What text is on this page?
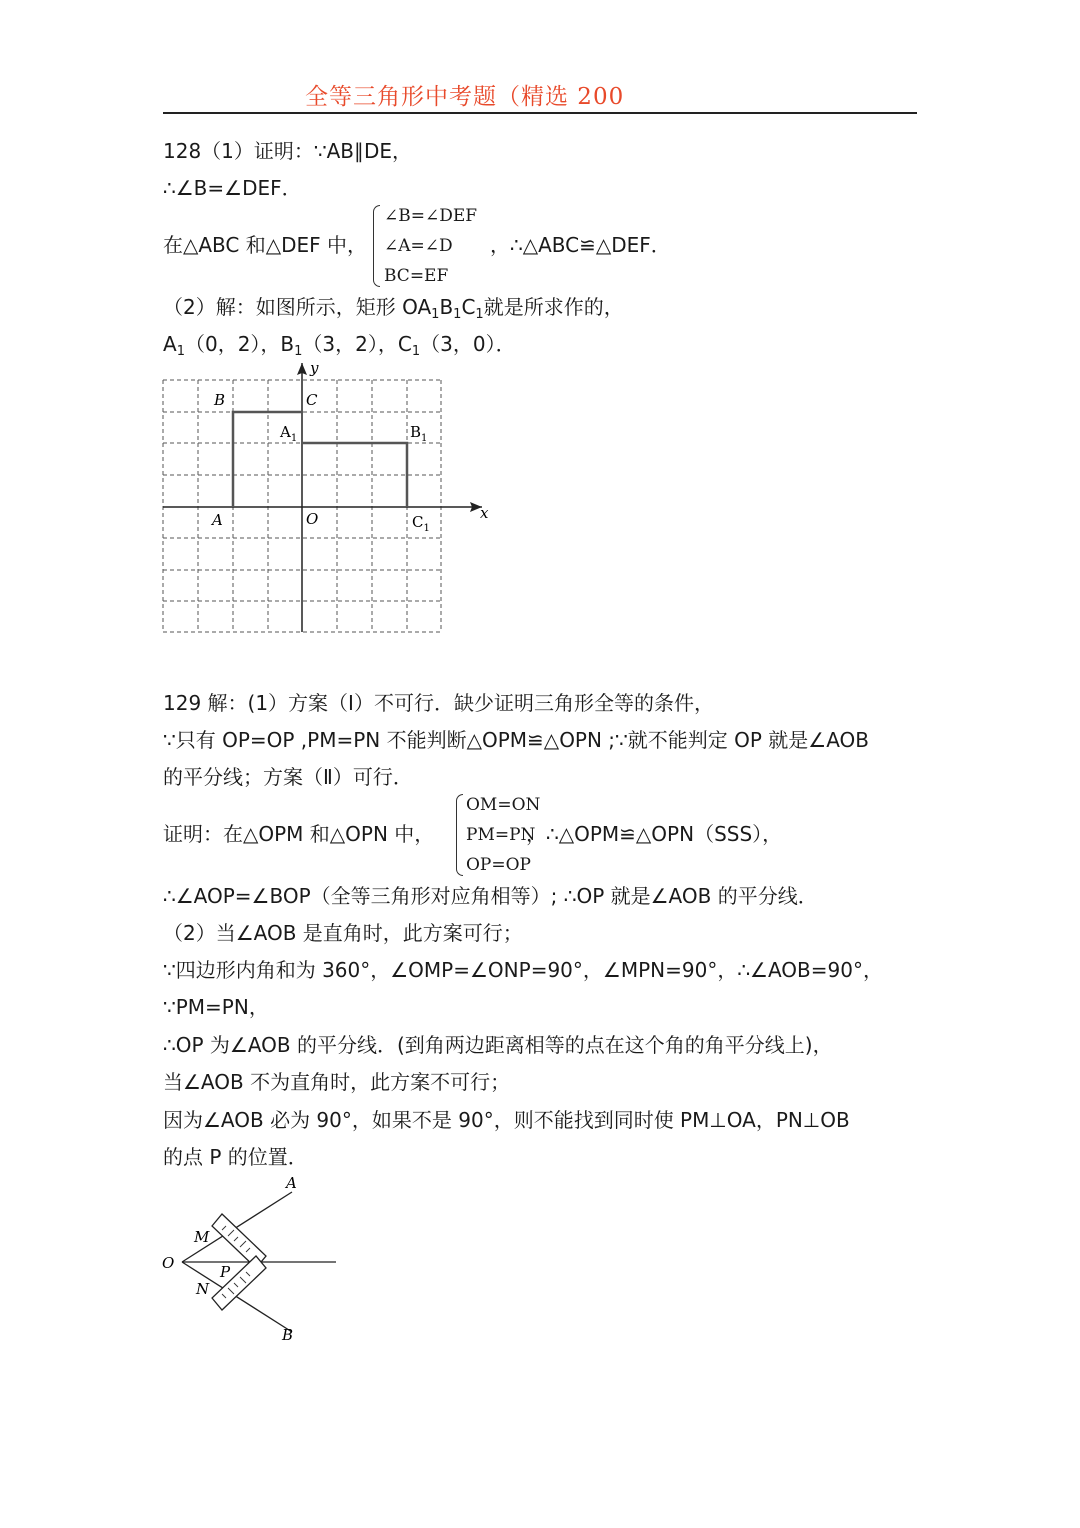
全等三角形中考题（精选 200
128（1）证明：∵AB∥DE，
∴∠B=∠DEF．
在△ABC 和△DEF 中，
∠B=∠DEF
∠A=∠D
BC=EF
，∴△ABC≌△DEF．
（2）解：如图所示，矩形 $OA_1B_1C_1$就是所求作的，
$A_1(0$，2），$B_1(3$，2），$C_1(3$，0）．
x
y
O
B	C
A
$A_1$	$B_1$
$C_1$
129 解：(1）方案（Ⅰ）不可行．缺少证明三角形全等的条件，
∵只有 OP=OP ,PM=PN 不能判断△OPM≌△OPN ;∵就不能判定 OP 就是∠AOB
的平分线；方案（Ⅱ）可行．
证明：在△OPM 和△OPN 中，
OM=ON
PM=PN
OP=OP
，∴△OPM≌△OPN（SSS），
∴∠AOP=∠BOP（全等三角形对应角相等）; ∴OP 就是∠AOB 的平分线．
（2）当∠AOB 是直角时，此方案可行；
∵四边形内角和为 360°，∠OMP=∠ONP=90°，∠MPN=90°，∴∠AOB=90°，
∵PM=PN，
∴OP 为∠AOB 的平分线．(到角两边距离相等的点在这个角的角平分线上)，
当∠AOB 不为直角时，此方案不可行；
因为∠AOB 必为 90°，如果不是 90°，则不能找到同时使 PM⊥OA，PN⊥OB
的点 P 的位置．
A
B
O
M
N
P
